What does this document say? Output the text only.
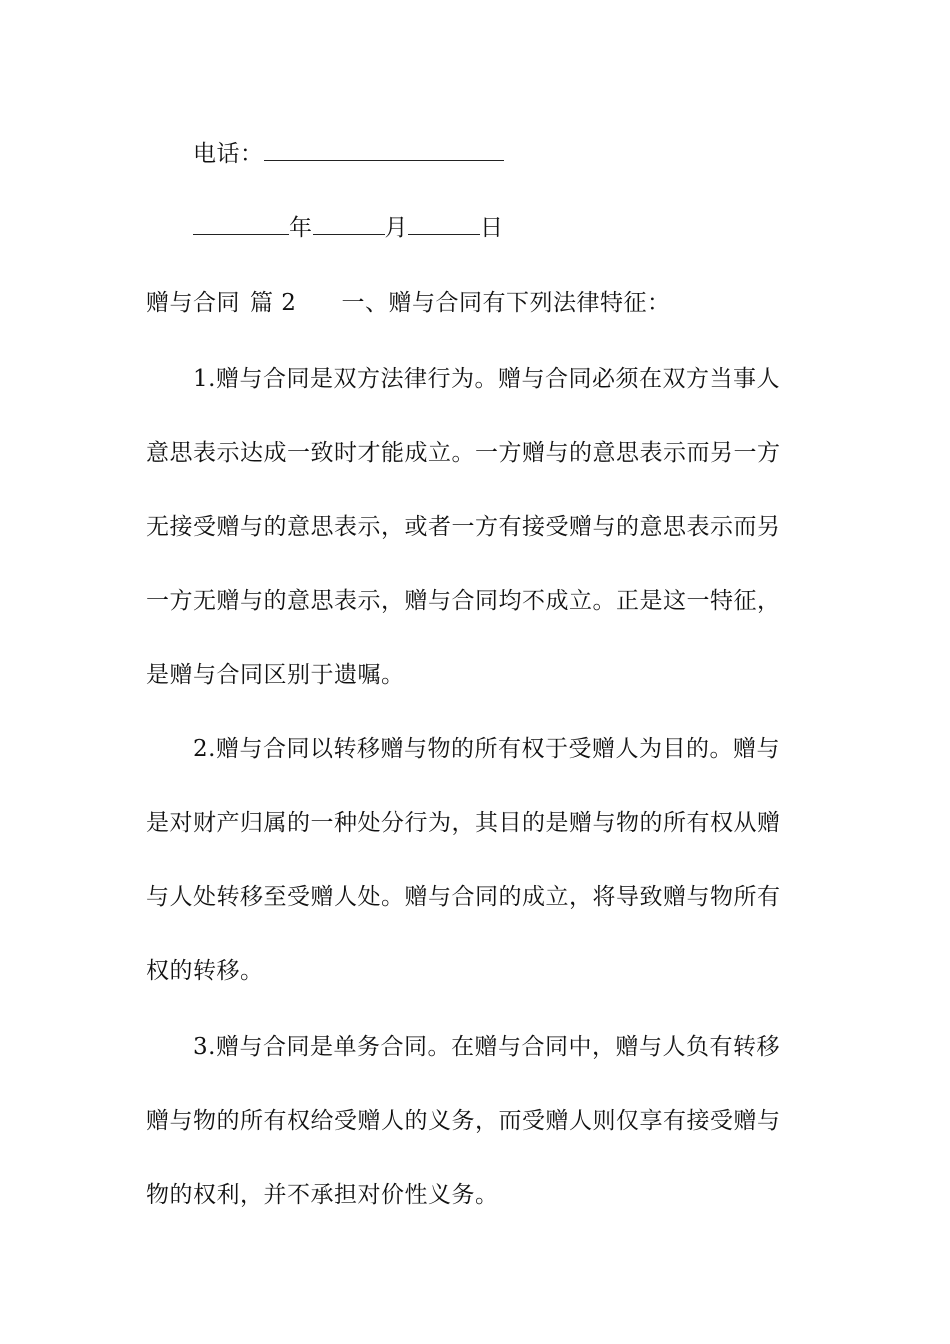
电话：
年	月	日
赠与合同 篇 2 一、赠与合同有下列法律特征：
1.赠与合同是双方法律行为。赠与合同必须在双方当事人
意思表示达成一致时才能成立。一方赠与的意思表示而另一方
无接受赠与的意思表示，或者一方有接受赠与的意思表示而另
一方无赠与的意思表示，赠与合同均不成立。正是这一特征，
是赠与合同区别于遗嘱。
2.赠与合同以转移赠与物的所有权于受赠人为目的。赠与
是对财产归属的一种处分行为，其目的是赠与物的所有权从赠
与人处转移至受赠人处。赠与合同的成立，将导致赠与物所有
权的转移。
3.赠与合同是单务合同。在赠与合同中，赠与人负有转移
赠与物的所有权给受赠人的义务，而受赠人则仅享有接受赠与
物的权利，并不承担对价性义务。
